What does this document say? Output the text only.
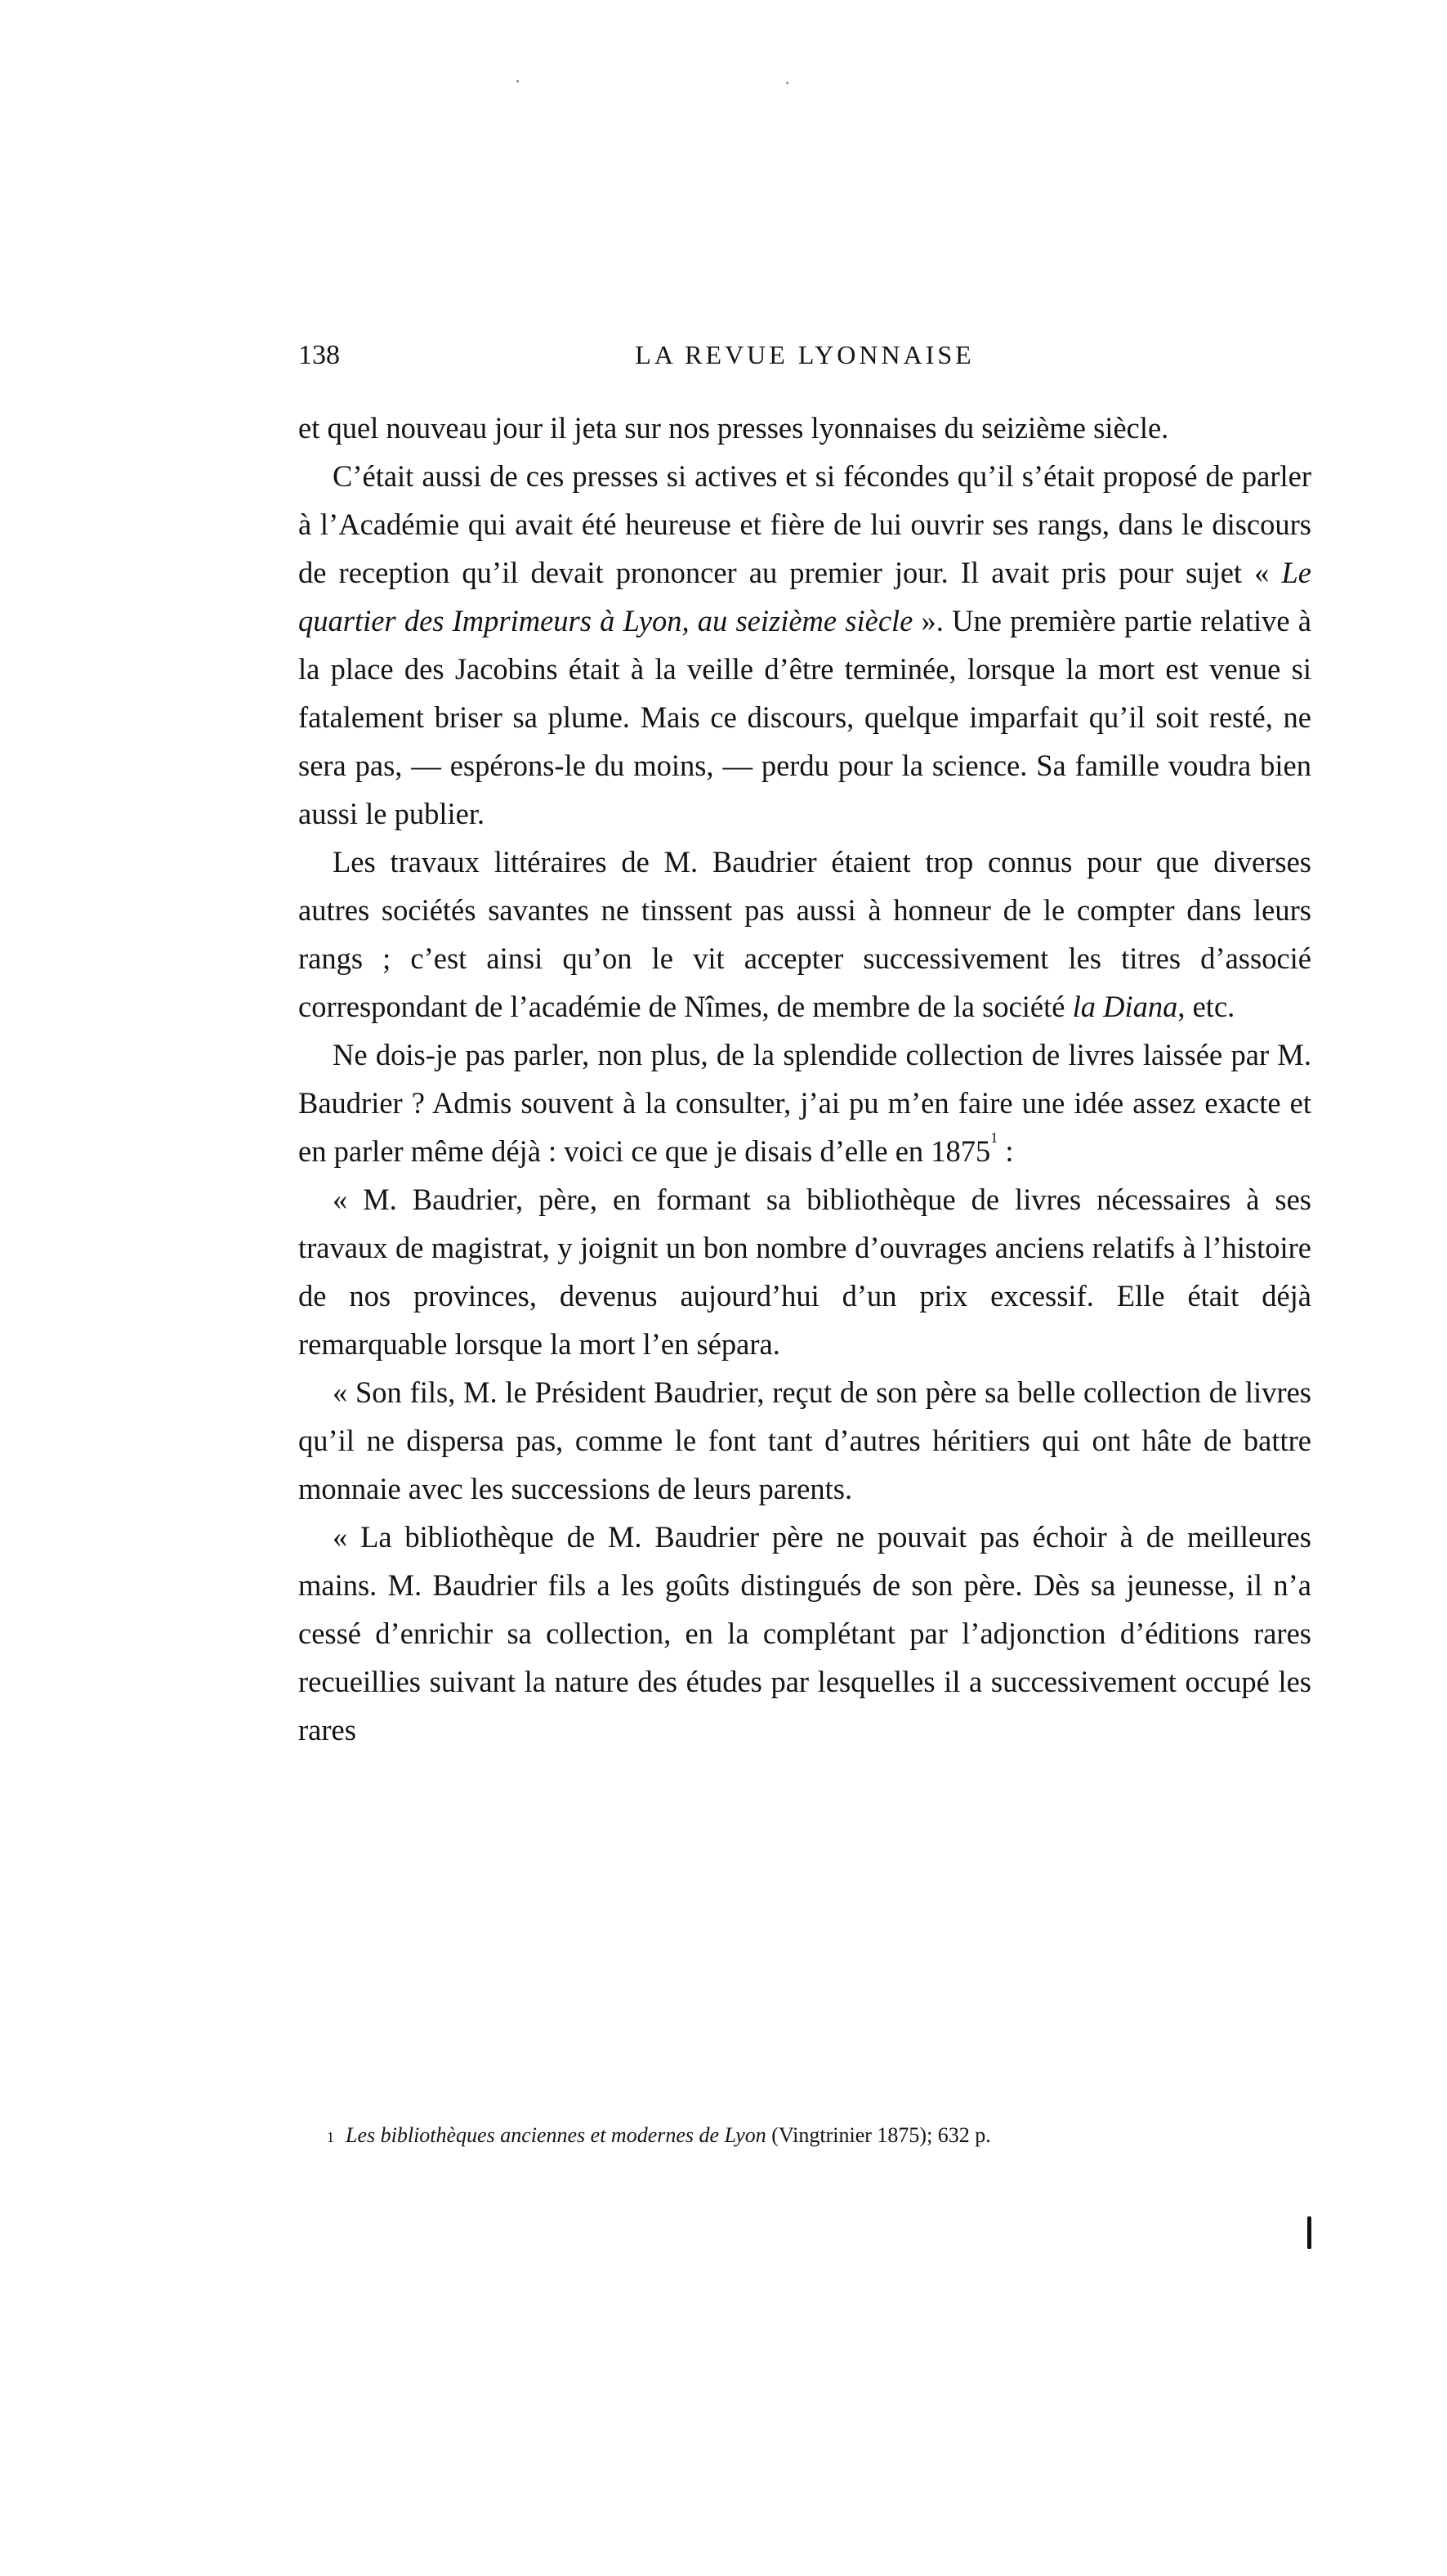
138	LA REVUE LYONNAISE

et quel nouveau jour il jeta sur nos presses lyonnaises du seizième siècle.

C’était aussi de ces presses si actives et si fécondes qu’il s’était proposé de parler à l’Académie qui avait été heureuse et fière de lui ouvrir ses rangs, dans le discours de reception qu’il devait prononcer au premier jour. Il avait pris pour sujet « Le quartier des Imprimeurs à Lyon, au seizième siècle ». Une première partie relative à la place des Jacobins était à la veille d’être terminée, lorsque la mort est venue si fatalement briser sa plume. Mais ce discours, quelque imparfait qu’il soit resté, ne sera pas, — espérons-le du moins, — perdu pour la science. Sa famille voudra bien aussi le publier.

Les travaux littéraires de M. Baudrier étaient trop connus pour que diverses autres sociétés savantes ne tinssent pas aussi à honneur de le compter dans leurs rangs ; c’est ainsi qu’on le vit accepter successivement les titres d’associé correspondant de l’académie de Nîmes, de membre de la société la Diana, etc.

Ne dois-je pas parler, non plus, de la splendide collection de livres laissée par M. Baudrier ? Admis souvent à la consulter, j’ai pu m’en faire une idée assez exacte et en parler même déjà : voici ce que je disais d’elle en 1875$^1$ :

« M. Baudrier, père, en formant sa bibliothèque de livres nécessaires à ses travaux de magistrat, y joignit un bon nombre d’ouvrages anciens relatifs à l’histoire de nos provinces, devenus aujourd’hui d’un prix excessif. Elle était déjà remarquable lorsque la mort l’en sépara.

« Son fils, M. le Président Baudrier, reçut de son père sa belle collection de livres qu’il ne dispersa pas, comme le font tant d’autres héritiers qui ont hâte de battre monnaie avec les successions de leurs parents.

« La bibliothèque de M. Baudrier père ne pouvait pas échoir à de meilleures mains. M. Baudrier fils a les goûts distingués de son père. Dès sa jeunesse, il n’a cessé d’enrichir sa collection, en la complétant par l’adjonction d’éditions rares recueillies suivant la nature des études par lesquelles il a successivement occupé les rares

1 Les bibliothèques anciennes et modernes de Lyon (Vingtrinier 1875); 632 p.
